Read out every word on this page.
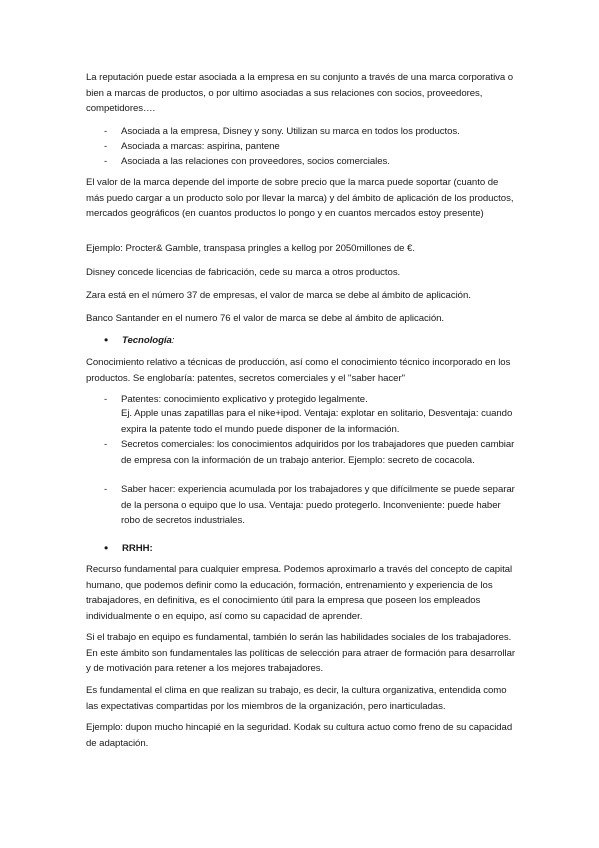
La reputación puede estar asociada a la empresa en su conjunto a través de una marca corporativa o bien a marcas de productos, o por ultimo asociadas a sus relaciones con socios, proveedores, competidores….

-	Asociada a la empresa, Disney y sony. Utilizan su marca en todos los productos.

-	Asociada a marcas: aspirina, pantene

-	Asociada a las relaciones con proveedores, socios comerciales.

El valor de la marca depende del importe de sobre precio que la marca puede soportar (cuanto de más puedo cargar a un producto solo por llevar la marca) y del ámbito de aplicación de los productos, mercados geográficos (en cuantos productos lo pongo y en cuantos mercados estoy presente)

Ejemplo: Procter& Gamble, transpasa pringles a kellog por 2050millones de €.

Disney concede licencias de fabricación, cede su marca a otros productos.

Zara está en el número 37 de empresas, el valor de marca se debe al ámbito de aplicación.

Banco Santander en el numero 76 el valor de marca se debe al ámbito de aplicación.

•
Tecnología:

Conocimiento relativo a técnicas de producción, así como el conocimiento técnico incorporado en los productos. Se englobaría: patentes, secretos comerciales y el ''saber hacer"

-	Patentes: conocimiento explicativo y protegido legalmente.

Ej. Apple unas zapatillas para el nike+ipod. Ventaja: explotar en solitario, Desventaja: cuando expira la patente todo el mundo puede disponer de la información.

-	Secretos comerciales: los conocimientos adquiridos por los trabajadores que pueden cambiar de empresa con la información de un trabajo anterior. Ejemplo: secreto de cocacola.

-	Saber hacer: experiencia acumulada por los trabajadores y que difícilmente se puede separar de la persona o equipo que lo usa. Ventaja: puedo protegerlo. Inconveniente: puede haber robo de secretos industriales.

•
RRHH:

Recurso fundamental para cualquier empresa. Podemos aproximarlo a través del concepto de capital humano, que podemos definir como la educación, formación, entrenamiento y experiencia de los trabajadores, en definitiva, es el conocimiento útil para la empresa que poseen los empleados individualmente o en equipo, así como su capacidad de aprender.

Si el trabajo en equipo es fundamental, también lo serán las habilidades sociales de los trabajadores. En este ámbito son fundamentales las políticas de selección para atraer de formación para desarrollar y de motivación para retener a los mejores trabajadores.

Es fundamental el clima en que realizan su trabajo, es decir, la cultura organizativa, entendida como las expectativas compartidas por los miembros de la organización, pero inarticuladas.

Ejemplo: dupon mucho hincapié en la seguridad. Kodak su cultura actuo como freno de su capacidad de adaptación.
